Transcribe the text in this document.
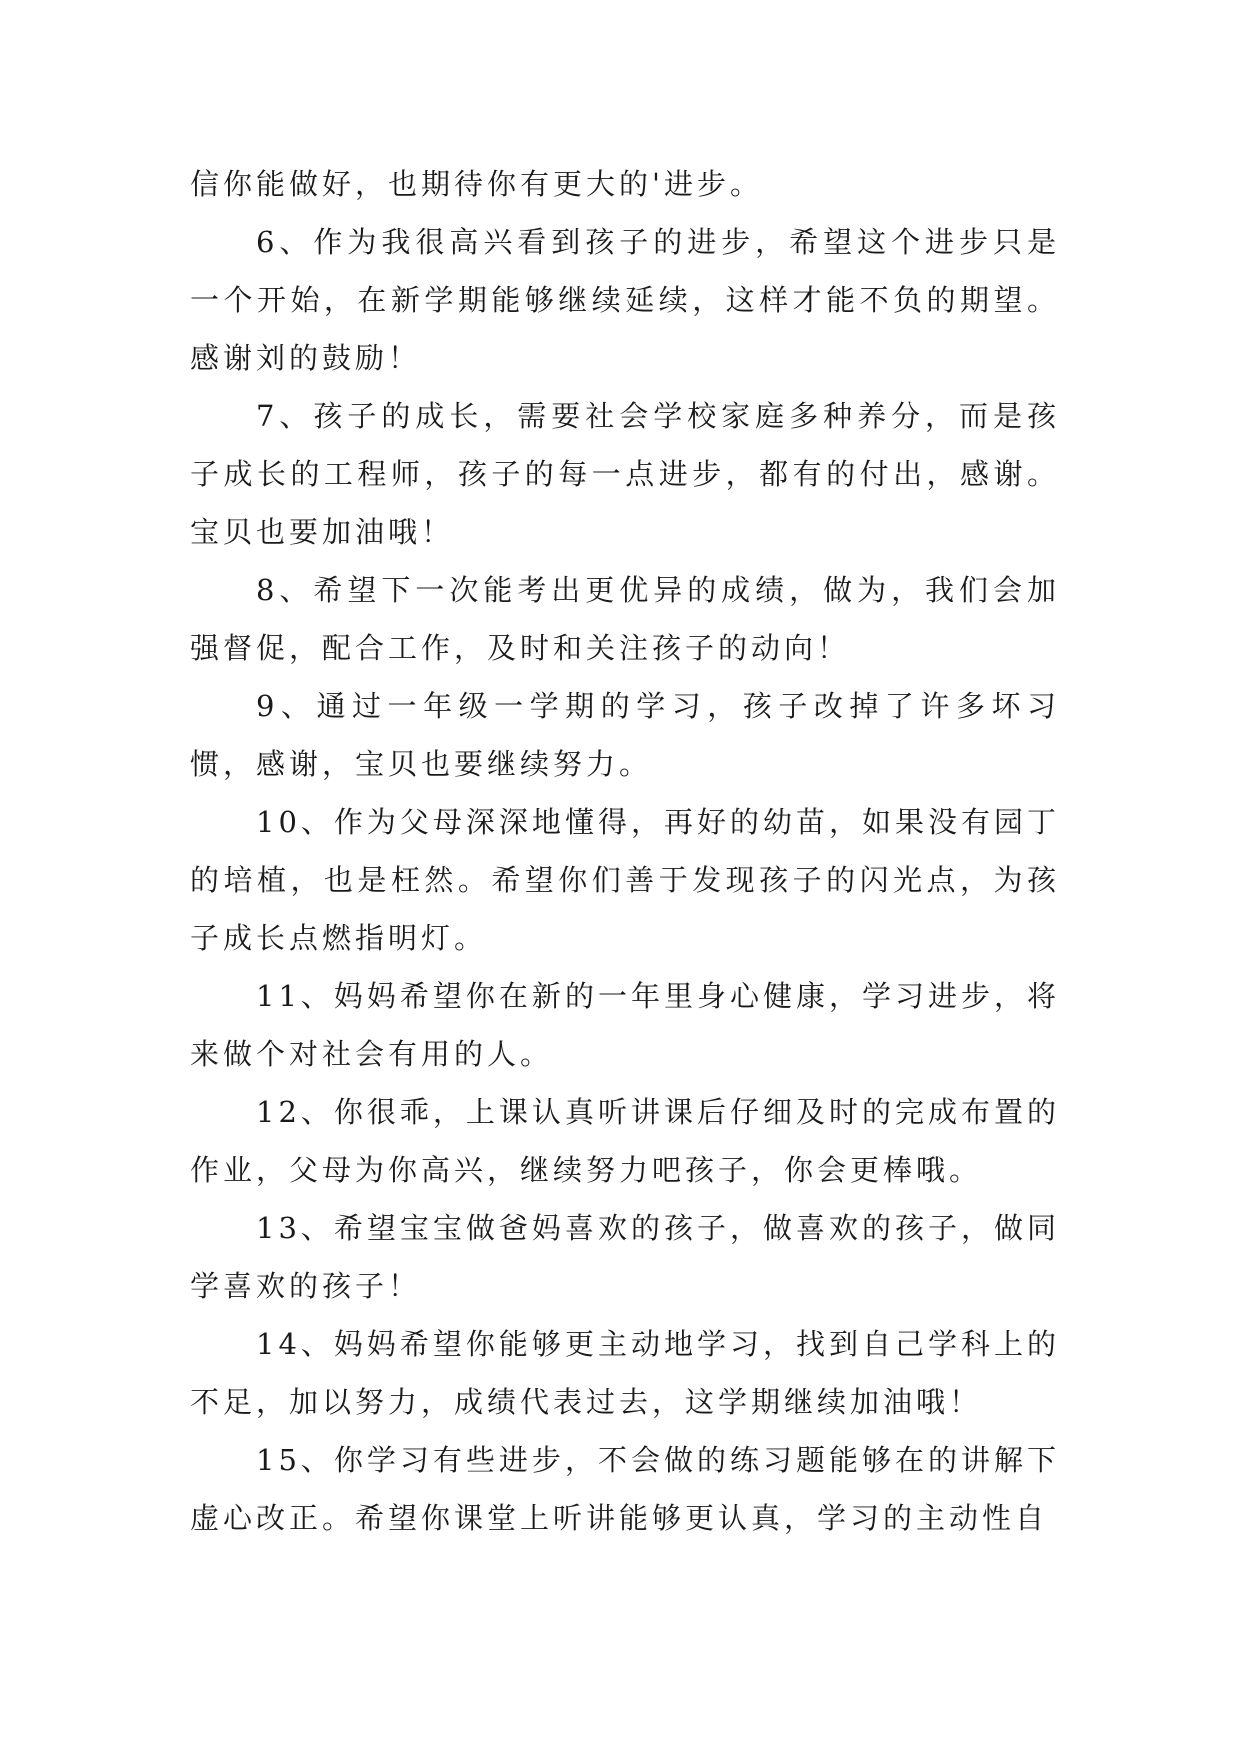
信你能做好，也期待你有更大的'进步。

6、作为我很高兴看到孩子的进步，希望这个进步只是一个开始，在新学期能够继续延续，这样才能不负的期望。感谢刘的鼓励！

7、孩子的成长，需要社会学校家庭多种养分，而是孩子成长的工程师，孩子的每一点进步，都有的付出，感谢。宝贝也要加油哦！

8、希望下一次能考出更优异的成绩，做为，我们会加强督促，配合工作，及时和关注孩子的动向！

9、通过一年级一学期的学习，孩子改掉了许多坏习惯，感谢，宝贝也要继续努力。

10、作为父母深深地懂得，再好的幼苗，如果没有园丁的培植，也是枉然。希望你们善于发现孩子的闪光点，为孩子成长点燃指明灯。

11、妈妈希望你在新的一年里身心健康，学习进步，将来做个对社会有用的人。

12、你很乖，上课认真听讲课后仔细及时的完成布置的作业，父母为你高兴，继续努力吧孩子，你会更棒哦。

13、希望宝宝做爸妈喜欢的孩子，做喜欢的孩子，做同学喜欢的孩子！

14、妈妈希望你能够更主动地学习，找到自己学科上的不足，加以努力，成绩代表过去，这学期继续加油哦！

15、你学习有些进步，不会做的练习题能够在的讲解下虚心改正。希望你课堂上听讲能够更认真，学习的主动性自
